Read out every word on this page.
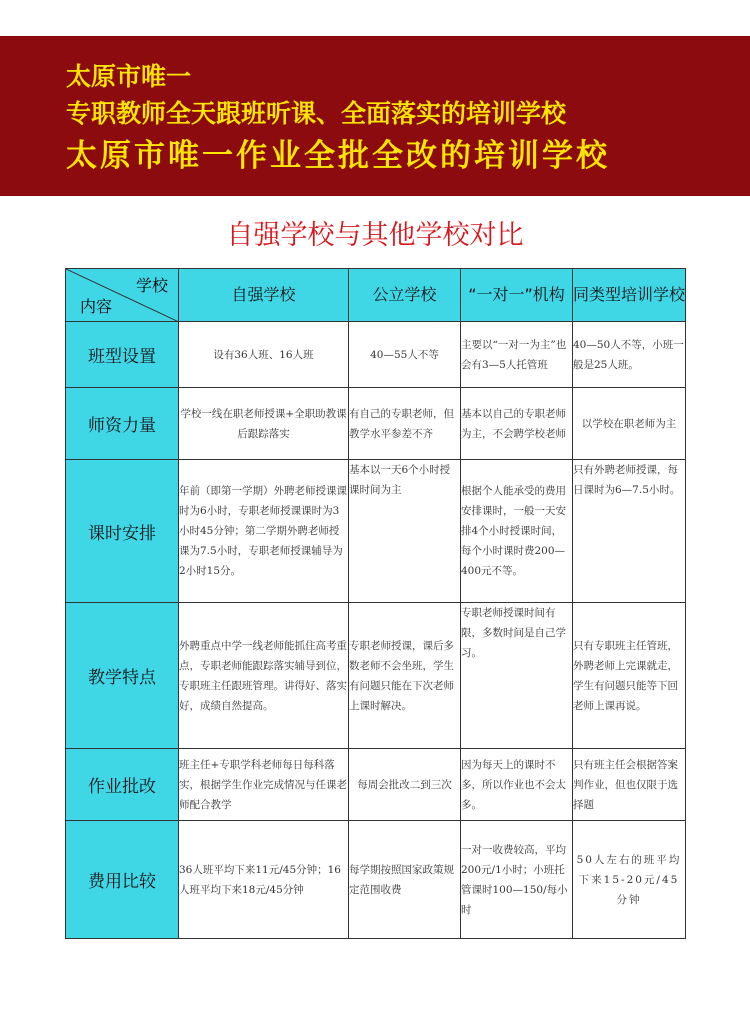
太原市唯一
专职教师全天跟班听课、全面落实的培训学校
太原市唯一作业全批全改的培训学校
自强学校与其他学校对比
学校
内容	自强学校	公立学校	“一对一”机构	同类型培训学校
班型设置	设有36人班、16人班	40—55人不等	主要以“一对一为主”也会有3—5人托管班	40—50人不等，小班一般是25人班。
师资力量	学校一线在职老师授课+全职助教课后跟踪落实	有自己的专职老师，但教学水平参差不齐	基本以自己的专职老师为主，不会聘学校老师	以学校在职老师为主
课时安排	年前（即第一学期）外聘老师授课课时为6小时，专职老师授课课时为3小时45分钟；第二学期外聘老师授课为7.5小时，专职老师授课辅导为2小时15分。	基本以一天6个小时授课时间为主	根据个人能承受的费用安排课时，一般一天安排4个小时授课时间，每个小时课时费200—400元不等。	只有外聘老师授课，每日课时为6—7.5小时。
教学特点	外聘重点中学一线老师能抓住高考重点，专职老师能跟踪落实辅导到位，专职班主任跟班管理。讲得好、落实好，成绩自然提高。	专职老师授课，课后多数老师不会坐班，学生有问题只能在下次老师上课时解决。	专职老师授课时间有限，多数时间是自己学习。	只有专职班主任管班，外聘老师上完课就走，学生有问题只能等下回老师上课再说。
作业批改	班主任+专职学科老师每日每科落实，根据学生作业完成情况与任课老师配合教学	每周会批改二到三次	因为每天上的课时不多，所以作业也不会太多。	只有班主任会根据答案判作业，但也仅限于选择题
费用比较	36人班平均下来11元/45分钟；16人班平均下来18元/45分钟	每学期按照国家政策规定范围收费	一对一收费较高，平均200元/1小时；小班托管课时100—150/每小时	50人左右的班平均下来15-20元/45分钟
